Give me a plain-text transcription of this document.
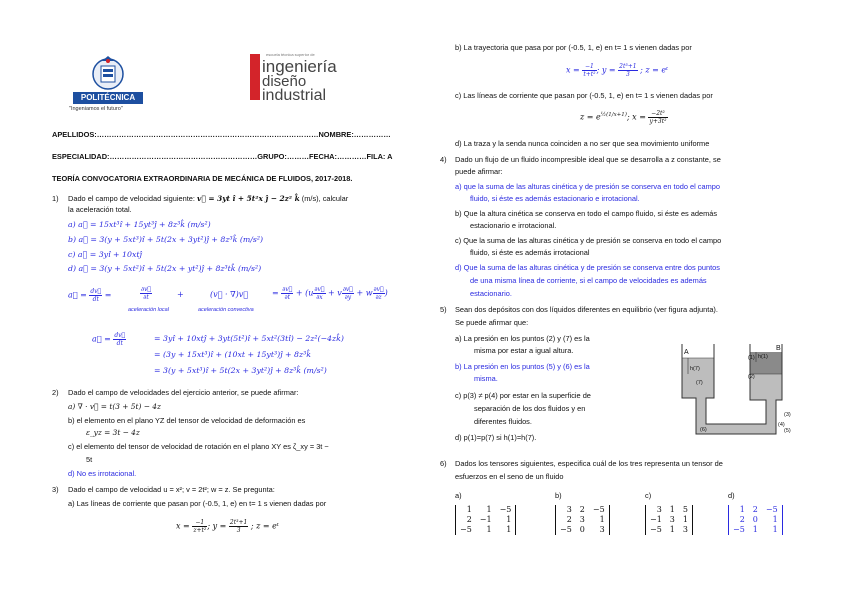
POLITÉCNICA
"Ingeniamos el futuro"
escuela técnica superior de
ingeniería
diseño
industrial
APELLIDOS:………………………………………………………………………………NOMBRE:……………
ESPECIALIDAD:……………………………………………………GRUPO:………FECHA:…………FILA: A
TEORÍA CONVOCATORIA EXTRAORDINARIA DE MECÁNICA DE FLUIDOS, 2017-2018.
1) Dado el campo de velocidad siguiente: v⃗ = 3yt ı̂ + 5t²x ȷ̂ − 2z² k̂ (m/s), calcular
la aceleración total.
a) a⃗ = 15xt³ı̂ + 15yt³ȷ̂ + 8z³k̂ (m/s²)
b) a⃗ = 3(y + 5xt³)ı̂ + 5t(2x + 3yt²)ȷ̂ + 8z³k̂ (m/s²)
c) a⃗ = 3yı̂ + 10xtȷ̂
d) a⃗ = 3(y + 5xt²)ı̂ + 5t(2x + yt²)ȷ̂ + 8z³tk̂ (m/s²)
a⃗ = $\frac{dv⃗}{dt}$ =	$\frac{\partial v⃗}{\partial t}$	+	(v⃗ · ∇)v⃗	= $\frac{\partial v⃗}{\partial t} + (u \frac{\partial v⃗}{\partial x} + v \frac{\partial v⃗}{\partial y} + w \frac{\partial v⃗}{\partial z}$ )
aceleración local	aceleración convectiva
a⃗ = $\frac{dv⃗}{dt}$	= 3yı̂ + 10xtȷ̂ + 3yt(5t²)ı̂ + 5xt²(3tı̂) − 2z²(−4zk̂)
= (3y + 15xt³)ı̂ + (10xt + 15yt³)ȷ̂ + 8z³k̂
= 3(y + 5xt³)ı̂ + 5t(2x + 3yt²)ȷ̂ + 8z³k̂ (m/s²)
2) Dado el campo de velocidades del ejercicio anterior, se puede afirmar:
a) ∇ · v⃗ = t(3 + 5t) − 4z
b) el elemento en el plano YZ del tensor de velocidad de deformación es
ε_yz = 3t − 4z
c) el elemento del tensor de velocidad de rotación en el plano XY es ζ_xy = 3t −
5t
d) No es irrotacional.
3) Dado el campo de velocidad u = x²; v = 2t²; w = z. Se pregunta:
a) Las líneas de corriente que pasan por (-0.5, 1, e) en t= 1 s vienen dadas por
$x = \frac{-1}{\text{z+t²}}$ ; $y = \frac{\text{2t³+1}}{3}$ ; z = eᵗ
b) La trayectoria que pasa por por (-0.5, 1, e) en t= 1 s vienen dadas por
$x = \frac{-1}{\text{t+t²}}$ ; $y = \frac{\text{2t³+1}}{3}$ ; z = eᵗ
c) Las líneas de corriente que pasan por (-0.5, 1, e) en t= 1 s vienen dadas por
$z = e^{\frac{1}{2}(1/x+1)}$; $x = \frac{\text{−2t²}}{\text{y+3t²}}$
d) La traza y la senda nunca coinciden a no ser que sea movimiento uniforme
4) Dado un flujo de un fluido incompresible ideal que se desarrolla a z constante, se
puede afirmar:
a) que la suma de las alturas cinética y de presión se conserva en todo el campo
fluido, si éste es además estacionario e irrotacional.
b) Que la altura cinética se conserva en todo el campo fluido, si éste es además
estacionario e irrotacional.
c) Que la suma de las alturas cinética y de presión se conserva en todo el campo
fluido, si éste es además irrotacional
d) Que la suma de las alturas cinética y de presión se conserva entre dos puntos
de una misma línea de corriente, si el campo de velocidades es además
estacionario.
5) Sean dos depósitos con dos líquidos diferentes en equilibrio (ver figura adjunta).
Se puede afirmar que:
a) La presión en los puntos (2) y (7) es la
misma por estar a igual altura.
b) La presión en los puntos (5) y (6) es la
misma.
c) p(3) ≠ p(4) por estar en la superficie de
separación de los dos fluidos y en
diferentes fluidos.
d) p(1)=p(7) si h(1)=h(7).
A
B
h(7)
(7)
(1) h(1)
(2)
(3)
(4)
(5)
(6)
6) Dados los tensores siguientes, especifica cuál de los tres representa un tensor de
esfuerzos en el seno de un fluido
a)	b)	c)	d)
1	1	−5
2	−1	1
−5	1	1
3	2	−5
2	3	1
−5	0	3
3	1	5
−1	3	1
−5	1	3
1	2	−5
2	0	1
−5	1	1
